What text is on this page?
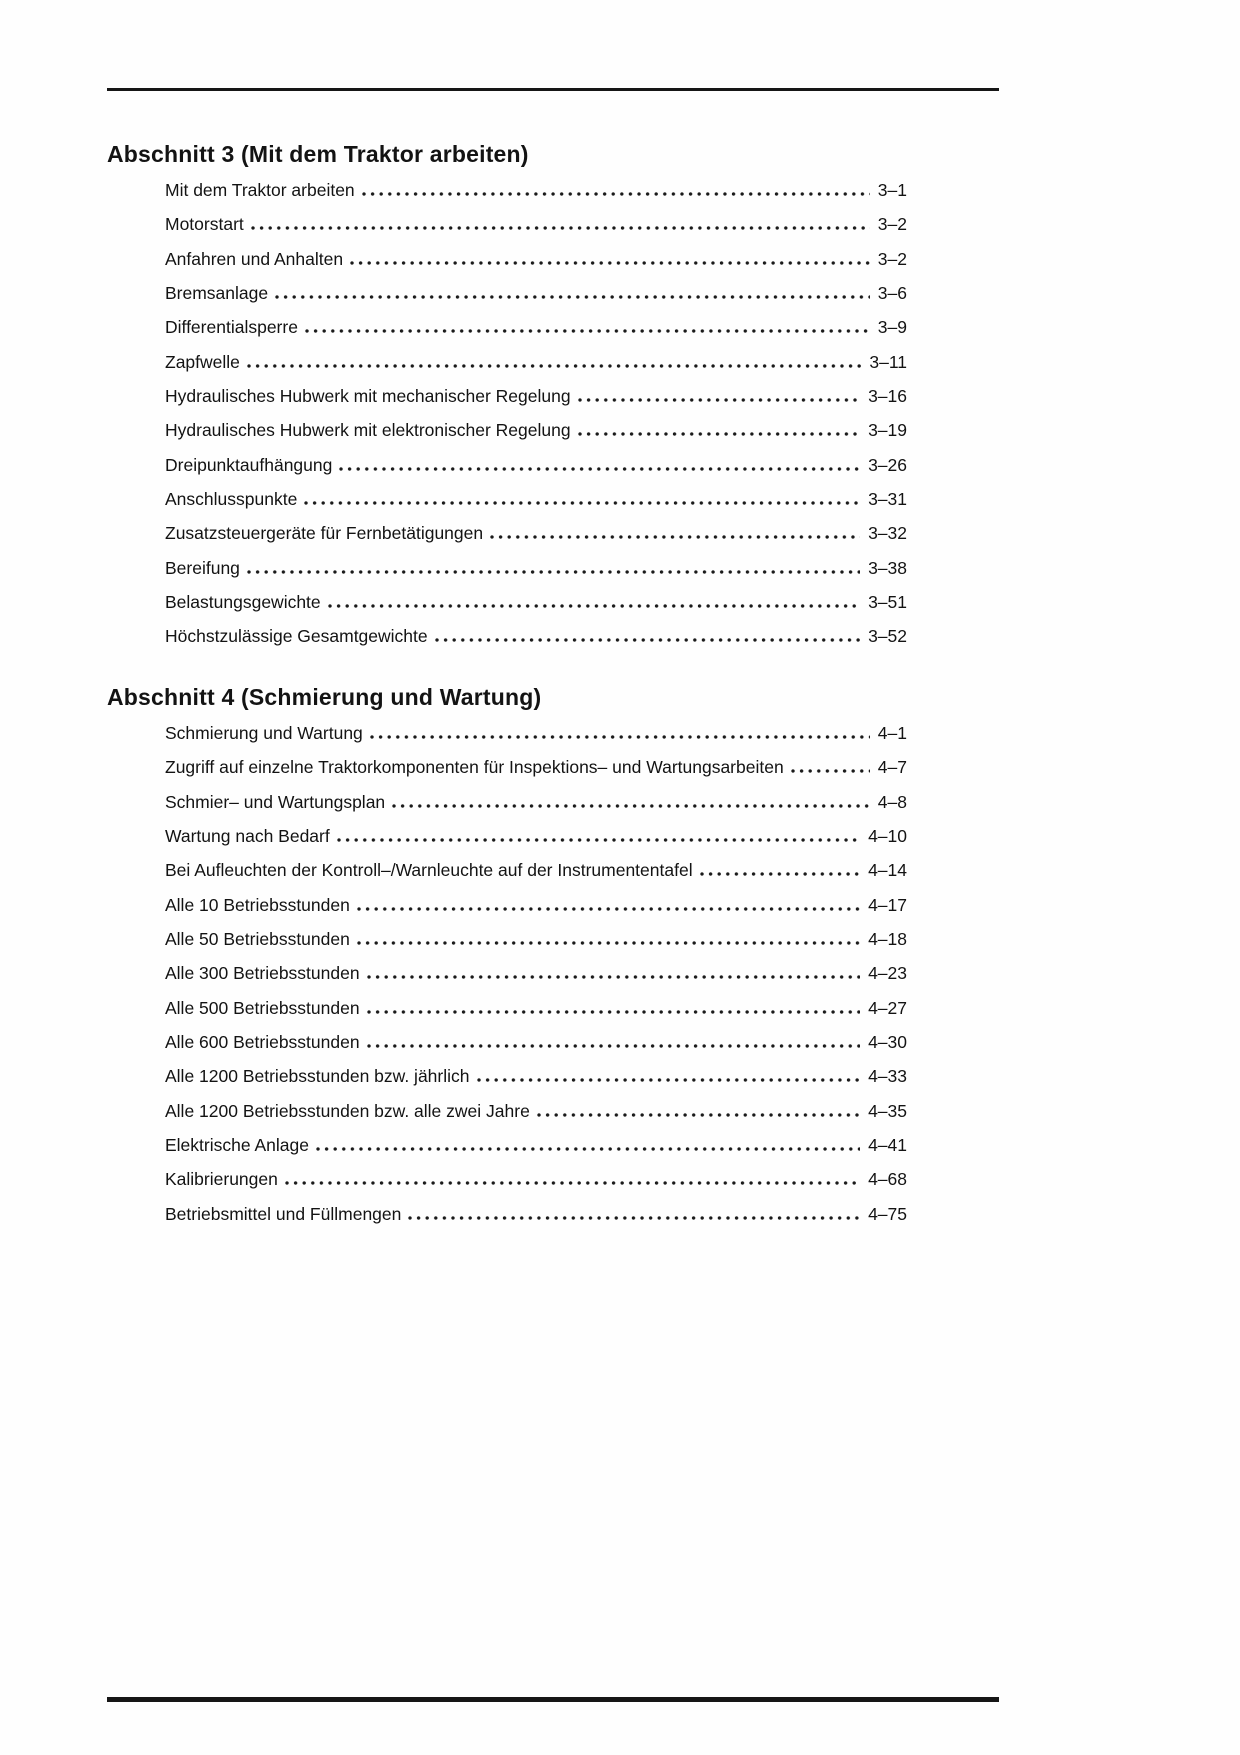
Abschnitt 3 (Mit dem Traktor arbeiten)
Mit dem Traktor arbeiten	3–1
Motorstart	3–2
Anfahren und Anhalten	3–2
Bremsanlage	3–6
Differentialsperre	3–9
Zapfwelle	3–11
Hydraulisches Hubwerk mit mechanischer Regelung	3–16
Hydraulisches Hubwerk mit elektronischer Regelung	3–19
Dreipunktaufhängung	3–26
Anschlusspunkte	3–31
Zusatzsteuergeräte für Fernbetätigungen	3–32
Bereifung	3–38
Belastungsgewichte	3–51
Höchstzulässige Gesamtgewichte	3–52
Abschnitt 4 (Schmierung und Wartung)
Schmierung und Wartung	4–1
Zugriff auf einzelne Traktorkomponenten für Inspektions– und Wartungsarbeiten	4–7
Schmier– und Wartungsplan	4–8
Wartung nach Bedarf	4–10
Bei Aufleuchten der Kontroll–/Warnleuchte auf der Instrumententafel	4–14
Alle 10 Betriebsstunden	4–17
Alle 50 Betriebsstunden	4–18
Alle 300 Betriebsstunden	4–23
Alle 500 Betriebsstunden	4–27
Alle 600 Betriebsstunden	4–30
Alle 1200 Betriebsstunden bzw. jährlich	4–33
Alle 1200 Betriebsstunden bzw. alle zwei Jahre	4–35
Elektrische Anlage	4–41
Kalibrierungen	4–68
Betriebsmittel und Füllmengen	4–75
